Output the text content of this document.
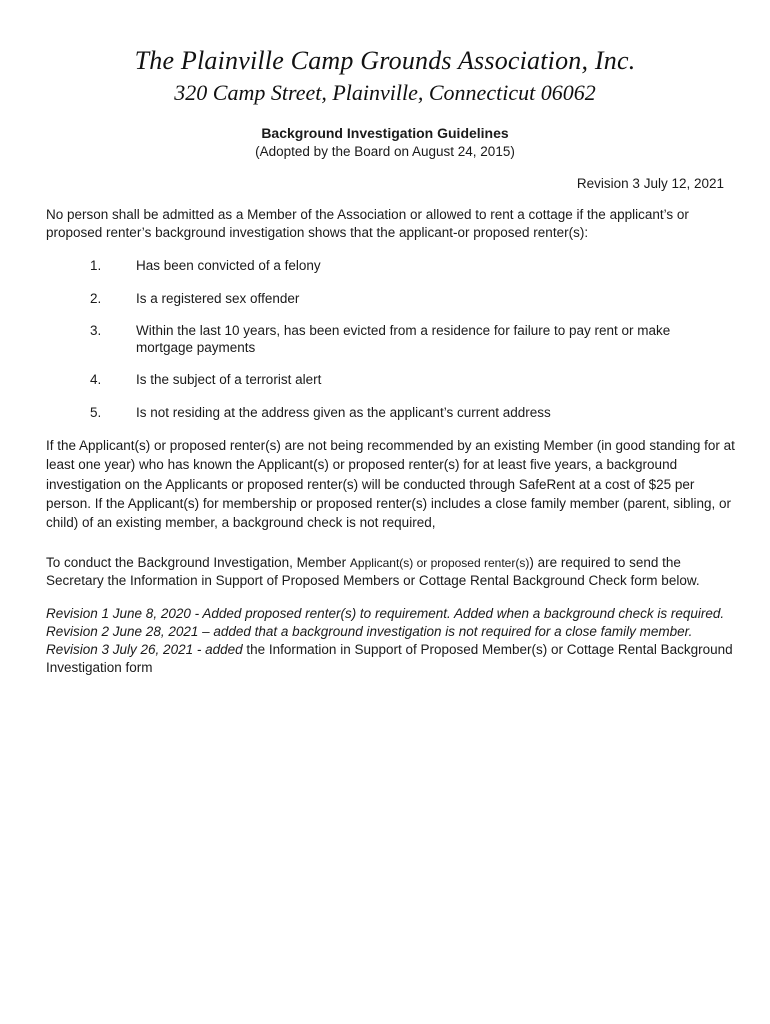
The Plainville Camp Grounds Association, Inc.
320 Camp Street, Plainville, Connecticut 06062
Background Investigation Guidelines
(Adopted by the Board on August 24, 2015)
Revision 3 July 12, 2021
No person shall be admitted as a Member of the Association or allowed to rent a cottage if the applicant’s or proposed renter’s background investigation shows that the applicant-or proposed renter(s):
1.	Has been convicted of a felony
2.	Is a registered sex offender
3.	Within the last 10 years, has been evicted from a residence for failure to pay rent or make mortgage payments
4.	Is the subject of a terrorist alert
5.	Is not residing at the address given as the applicant’s current address
If the Applicant(s) or proposed renter(s) are not being recommended by an existing Member (in good standing for at least one year) who has known the Applicant(s) or proposed renter(s) for at least five years, a background investigation on the Applicants or proposed renter(s) will be conducted through SafeRent at a cost of $25 per person. If the Applicant(s) for membership or proposed renter(s) includes a close family member (parent, sibling, or child) of an existing member, a background check is not required,
To conduct the Background Investigation, Member Applicant(s) or proposed renter(s)) are required to send the Secretary the Information in Support of Proposed Members or Cottage Rental Background Check form below.
Revision 1 June 8, 2020 - Added proposed renter(s) to requirement. Added when a background check is required.
Revision 2 June 28, 2021 – added that a background investigation is not required for a close family member.
Revision 3 July 26, 2021 - added the Information in Support of Proposed Member(s) or Cottage Rental Background Investigation form
